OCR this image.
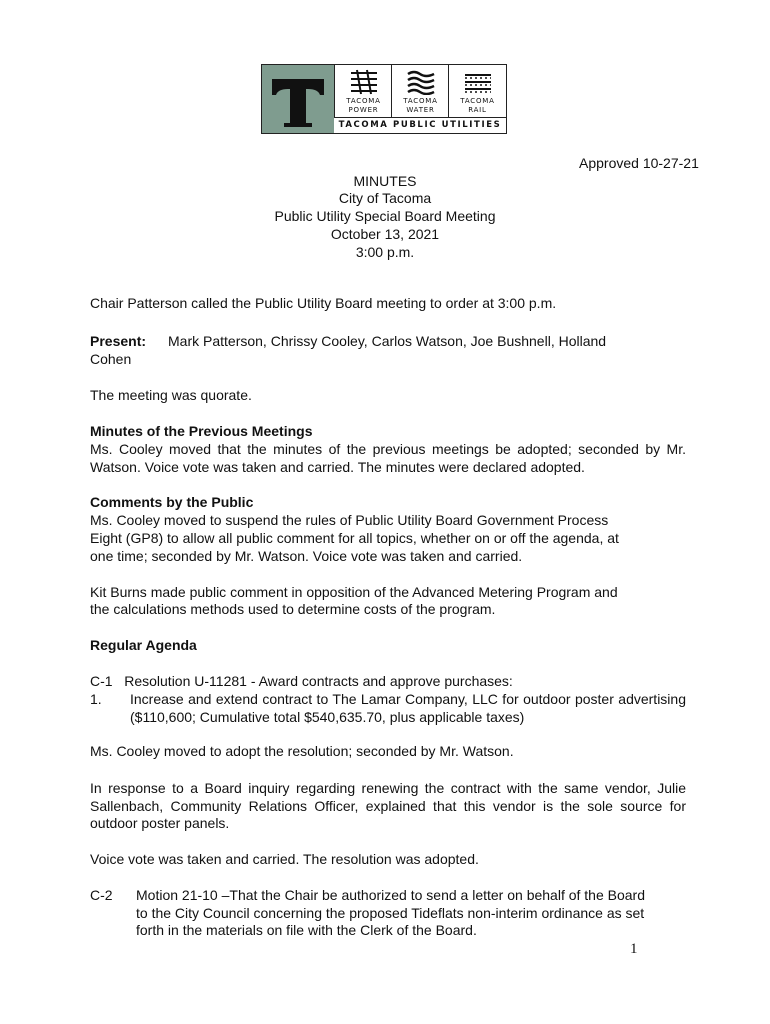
TACOMA
POWER
TACOMA
WATER
TACOMA
RAIL
TACOMA PUBLIC UTILITIES
Approved 10-27-21
MINUTES
City of Tacoma
Public Utility Special Board Meeting
October 13, 2021
3:00 p.m.
Chair Patterson called the Public Utility Board meeting to order at 3:00 p.m.
Present: Mark Patterson, Chrissy Cooley, Carlos Watson, Joe Bushnell, Holland
Cohen
The meeting was quorate.
Minutes of the Previous Meetings
Ms. Cooley moved that the minutes of the previous meetings be adopted; seconded by Mr. Watson. Voice vote was taken and carried. The minutes were declared adopted.
Comments by the Public
Ms. Cooley moved to suspend the rules of Public Utility Board Government Process
Eight (GP8) to allow all public comment for all topics, whether on or off the agenda, at
one time; seconded by Mr. Watson. Voice vote was taken and carried.
Kit Burns made public comment in opposition of the Advanced Metering Program and
the calculations methods used to determine costs of the program.
Regular Agenda
C-1   Resolution U-11281 - Award contracts and approve purchases:
1. Increase and extend contract to The Lamar Company, LLC for outdoor poster advertising ($110,600; Cumulative total $540,635.70, plus applicable taxes)
Ms. Cooley moved to adopt the resolution; seconded by Mr. Watson.
In response to a Board inquiry regarding renewing the contract with the same vendor, Julie Sallenbach, Community Relations Officer, explained that this vendor is the sole source for outdoor poster panels.
Voice vote was taken and carried. The resolution was adopted.
C-2 Motion 21-10 –That the Chair be authorized to send a letter on behalf of the Board
to the City Council concerning the proposed Tideflats non-interim ordinance as set
forth in the materials on file with the Clerk of the Board.
1
